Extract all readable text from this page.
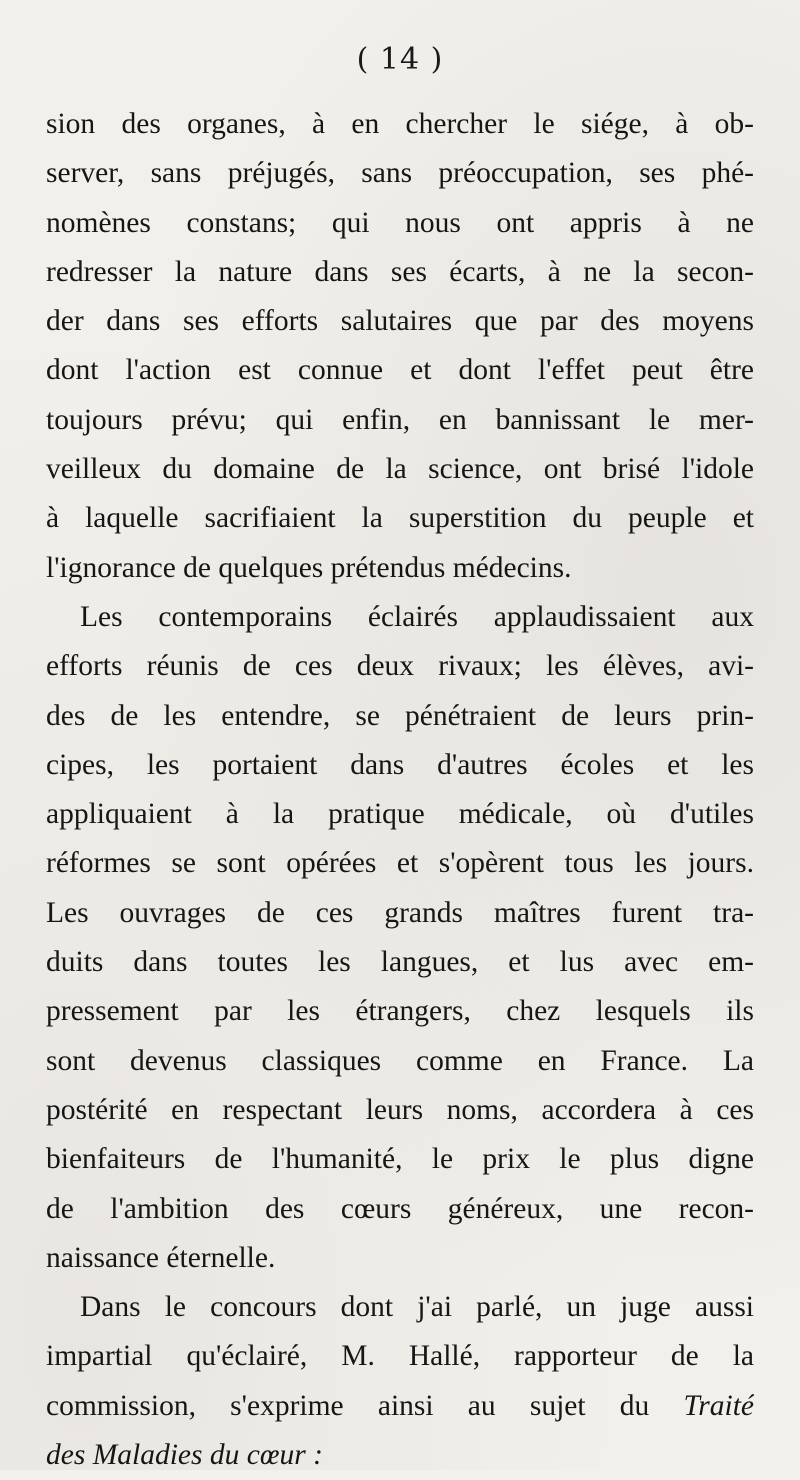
( 14 )
sion des organes, à en chercher le siége, à ob-
server, sans préjugés, sans préoccupation, ses phé-
nomènes constans; qui nous ont appris à ne
redresser la nature dans ses écarts, à ne la secon-
der dans ses efforts salutaires que par des moyens
dont l'action est connue et dont l'effet peut être
toujours prévu; qui enfin, en bannissant le mer-
veilleux du domaine de la science, ont brisé l'idole
à laquelle sacrifiaient la superstition du peuple et
l'ignorance de quelques prétendus médecins.
Les contemporains éclairés applaudissaient aux
efforts réunis de ces deux rivaux; les élèves, avi-
des de les entendre, se pénétraient de leurs prin-
cipes, les portaient dans d'autres écoles et les
appliquaient à la pratique médicale, où d'utiles
réformes se sont opérées et s'opèrent tous les jours.
Les ouvrages de ces grands maîtres furent tra-
duits dans toutes les langues, et lus avec em-
pressement par les étrangers, chez lesquels ils
sont devenus classiques comme en France. La
postérité en respectant leurs noms, accordera à ces
bienfaiteurs de l'humanité, le prix le plus digne
de l'ambition des cœurs généreux, une recon-
naissance éternelle.
Dans le concours dont j'ai parlé, un juge aussi
impartial qu'éclairé, M. Hallé, rapporteur de la
commission, s'exprime ainsi au sujet du Traité
des Maladies du cœur :
